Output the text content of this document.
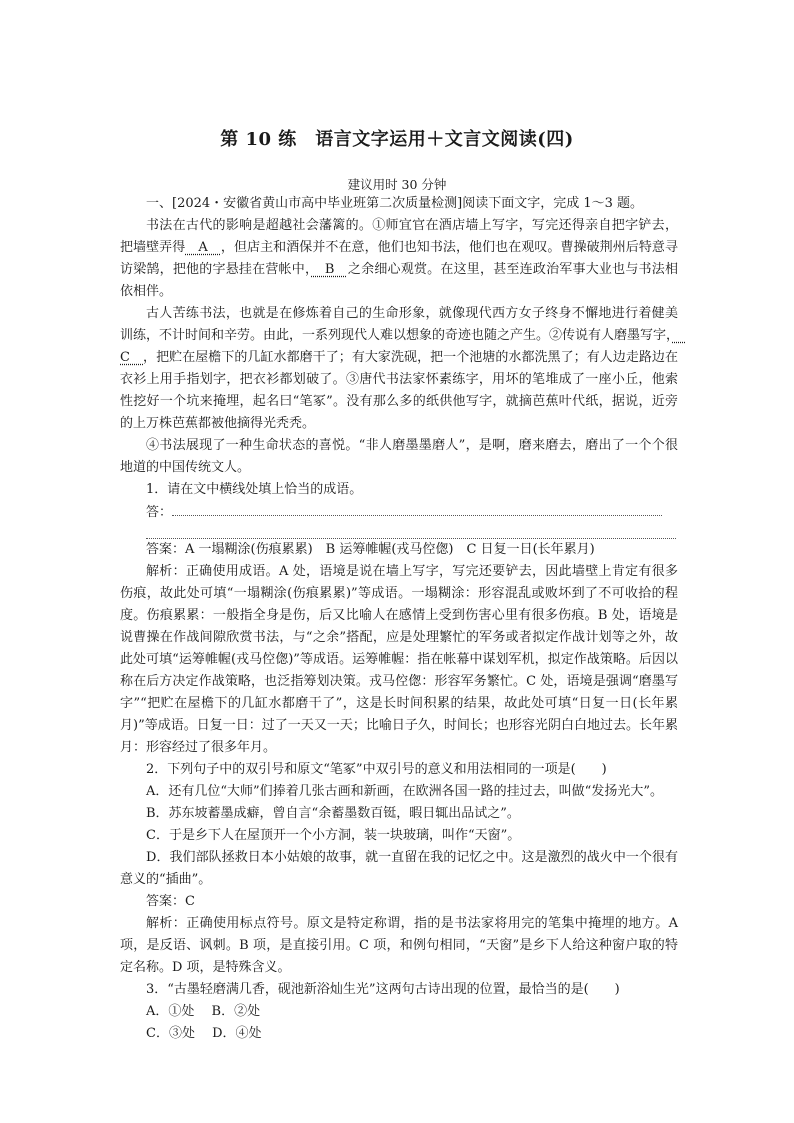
第 10 练　语言文字运用＋文言文阅读(四)
建议用时 30 分钟

一、[2024・安徽省黄山市高中毕业班第二次质量检测]阅读下面文字，完成 1～3 题。

书法在古代的影响是超越社会藩篱的。①师宜官在酒店墙上写字，写完还得亲自把字铲去，把墙壁弄得　A　，但店主和酒保并不在意，他们也知书法，他们也在观叹。曹操破荆州后特意寻访梁鹄，把他的字悬挂在营帐中，　B　之余细心观赏。在这里，甚至连政治军事大业也与书法相依相伴。

古人苦练书法，也就是在修炼着自己的生命形象，就像现代西方女子终身不懈地进行着健美训练，不计时间和辛劳。由此，一系列现代人难以想象的奇迹也随之产生。②传说有人磨墨写字，　C　，把贮在屋檐下的几缸水都磨干了；有大家洗砚，把一个池塘的水都洗黑了；有人边走路边在衣衫上用手指划字，把衣衫都划破了。③唐代书法家怀素练字，用坏的笔堆成了一座小丘，他索性挖好一个坑来掩埋，起名曰“笔冢”。没有那么多的纸供他写字，就摘芭蕉叶代纸，据说，近旁的上万株芭蕉都被他摘得光秃秃。

④书法展现了一种生命状态的喜悦。“非人磨墨墨磨人”，是啊，磨来磨去，磨出了一个个很地道的中国传统文人。

1．请在文中横线处填上恰当的成语。

答：

答案：A 一塌糊涂(伤痕累累)　B 运筹帷幄(戎马倥偬)　C 日复一日(长年累月)

解析：正确使用成语。A 处，语境是说在墙上写字，写完还要铲去，因此墙壁上肯定有很多伤痕，故此处可填“一塌糊涂(伤痕累累)”等成语。一塌糊涂：形容混乱或败坏到了不可收拾的程度。伤痕累累：一般指全身是伤，后又比喻人在感情上受到伤害心里有很多伤痕。B 处，语境是说曹操在作战间隙欣赏书法，与“之余”搭配，应是处理繁忙的军务或者拟定作战计划等之外，故此处可填“运筹帷幄(戎马倥偬)”等成语。运筹帷幄：指在帐幕中谋划军机，拟定作战策略。后因以称在后方决定作战策略，也泛指筹划决策。戎马倥偬：形容军务繁忙。C 处，语境是强调“磨墨写字”“把贮在屋檐下的几缸水都磨干了”，这是长时间积累的结果，故此处可填“日复一日(长年累月)”等成语。日复一日：过了一天又一天；比喻日子久，时间长；也形容光阴白白地过去。长年累月：形容经过了很多年月。

2．下列句子中的双引号和原文“笔冢”中双引号的意义和用法相同的一项是(　　)

A．还有几位“大师”们捧着几张古画和新画，在欧洲各国一路的挂过去，叫做“发扬光大”。

B．苏东坡蓄墨成癖，曾自言“余蓄墨数百铤，暇日辄出品试之”。

C．于是乡下人在屋顶开一个小方洞，装一块玻璃，叫作“天窗”。

D．我们部队拯救日本小姑娘的故事，就一直留在我的记忆之中。这是激烈的战火中一个很有意义的“插曲”。

答案：C

解析：正确使用标点符号。原文是特定称谓，指的是书法家将用完的笔集中掩埋的地方。A 项，是反语、讽刺。B 项，是直接引用。C 项，和例句相同，“天窗”是乡下人给这种窗户取的特定名称。D 项，是特殊含义。

3．“古墨轻磨满几香，砚池新浴灿生光”这两句古诗出现的位置，最恰当的是(　　)

A．①处　 B．②处

C．③处　 D．④处
